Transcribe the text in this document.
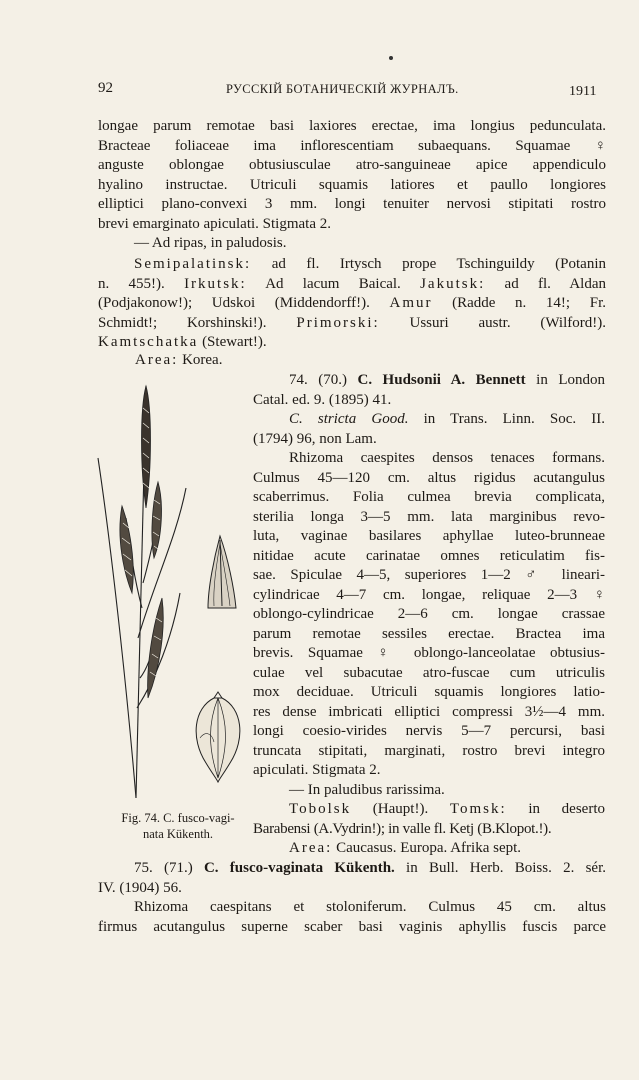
92	РУССКІЙ БОТАНИЧЕСКІЙ ЖУРНАЛЪ.	1911
longae parum remotae basi laxiores erectae, ima longius pedunculata.
Bracteae foliaceae ima inflorescentiam subaequans. Squamae ♀
anguste oblongae obtusiusculae atro-sanguineae apice appendiculo
hyalino instructae. Utriculi squamis latiores et paullo longiores
elliptici plano-convexi 3 mm. longi tenuiter nervosi stipitati rostro
brevi emarginato apiculati. Stigmata 2.
— Ad ripas, in paludosis.
Semipalatinsk: ad fl. Irtysch prope Tschinguildy (Potanin
n. 455!). Irkutsk: Ad lacum Baical. Jakutsk: ad fl. Aldan
(Podjakonow!); Udskoi (Middendorff!). Amur (Radde n. 14!; Fr.
Schmidt!; Korshinski!). Primorski: Ussuri austr. (Wilford!).
Kamtschatka (Stewart!).
Area: Korea.
74. (70.) C. Hudsonii A. Bennett in London
Catal. ed. 9. (1895) 41.
C. stricta Good. in Trans. Linn. Soc. II.
(1794) 96, non Lam.
Rhizoma caespites densos tenaces formans.
Culmus 45—120 cm. altus rigidus acutangulus
scaberrimus. Folia culmea brevia complicata,
sterilia longa 3—5 mm. lata marginibus revo-
luta, vaginae basilares aphyllae luteo-brunneae
nitidae acute carinatae omnes reticulatim fis-
sae. Spiculae 4—5, superiores 1—2 ♂ lineari-
cylindricae 4—7 cm. longae, reliquae 2—3 ♀
oblongo-cylindricae 2—6 cm. longae crassae
parum remotae sessiles erectae. Bractea ima
brevis. Squamae ♀ oblongo-lanceolatae obtusius-
culae vel subacutae atro-fuscae cum utriculis
mox deciduae. Utriculi squamis longiores latio-
res dense imbricati elliptici compressi 3½—4 mm.
longi coesio-virides nervis 5—7 percursi, basi
truncata stipitati, marginati, rostro brevi integro
apiculati. Stigmata 2.
— In paludibus rarissima.
Tobolsk (Haupt!). Tomsk: in deserto
Barabensi (A.Vydrin!); in valle fl. Ketj (B.Klopot.!).
Area: Caucasus. Europa. Afrika sept.
Fig. 74. C. fusco-vagi-
nata Kükenth.
75. (71.) C. fusco-vaginata Kükenth. in Bull. Herb. Boiss. 2. sér.
IV. (1904) 56.
Rhizoma caespitans et stoloniferum. Culmus 45 cm. altus
firmus acutangulus superne scaber basi vaginis aphyllis fuscis parce
